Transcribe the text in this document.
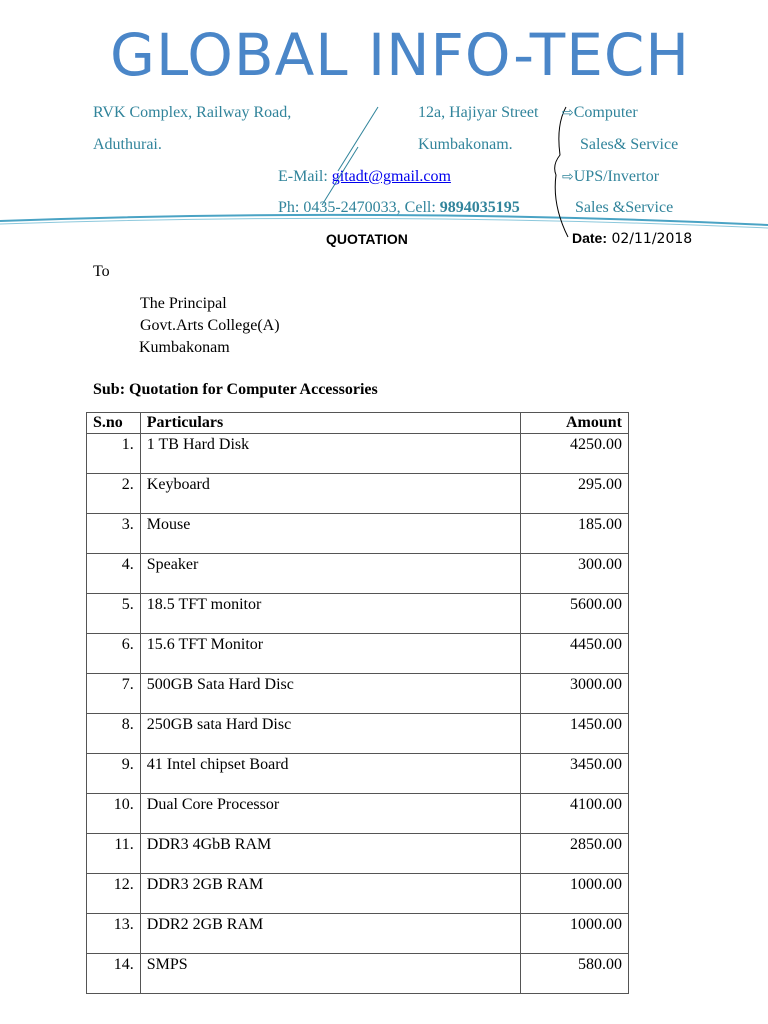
GLOBAL INFO-TECH
RVK Complex, Railway Road,
Aduthurai.
12a, Hajiyar Street
Kumbakonam.
E-Mail: gitadt@gmail.com
Ph: 0435-2470033, Cell: 9894035195
⇨Computer
Sales& Service
⇨UPS/Invertor
Sales &Service
QUOTATION	Date: 02/11/2018
To
The Principal
Govt.Arts College(A)
Kumbakonam
Sub: Quotation for Computer Accessories
S.no	Particulars	Amount
1.	1 TB Hard Disk	4250.00
2.	Keyboard	295.00
3.	Mouse	185.00
4.	Speaker	300.00
5.	18.5 TFT monitor	5600.00
6.	15.6 TFT Monitor	4450.00
7.	500GB Sata Hard Disc	3000.00
8.	250GB sata Hard Disc	1450.00
9.	41 Intel chipset Board	3450.00
10.	Dual Core Processor	4100.00
11.	DDR3 4GbB RAM	2850.00
12.	DDR3 2GB RAM	1000.00
13.	DDR2 2GB RAM	1000.00
14.	SMPS	580.00
